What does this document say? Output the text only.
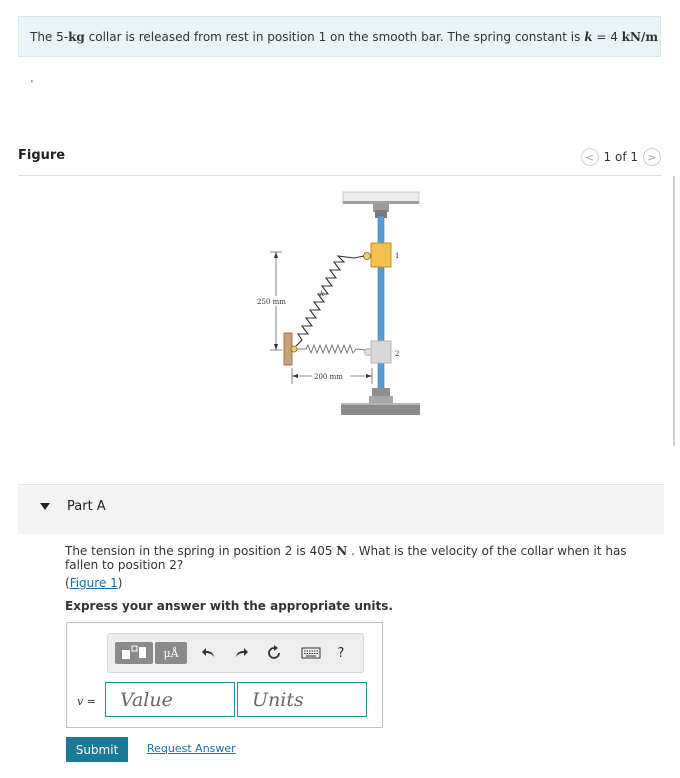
The 5-kg collar is released from rest in position 1 on the smooth bar. The spring constant is k = 4 kN/m .
Figure	< 1 of 1 >
1
2
k
250 mm
200 mm
Part A
The tension in the spring in position 2 is 405 N . What is the velocity of the collar when it has fallen to position 2?
(Figure 1)
Express your answer with the appropriate units.
μÅ	?
v =
Value
Units
Submit	Request Answer
